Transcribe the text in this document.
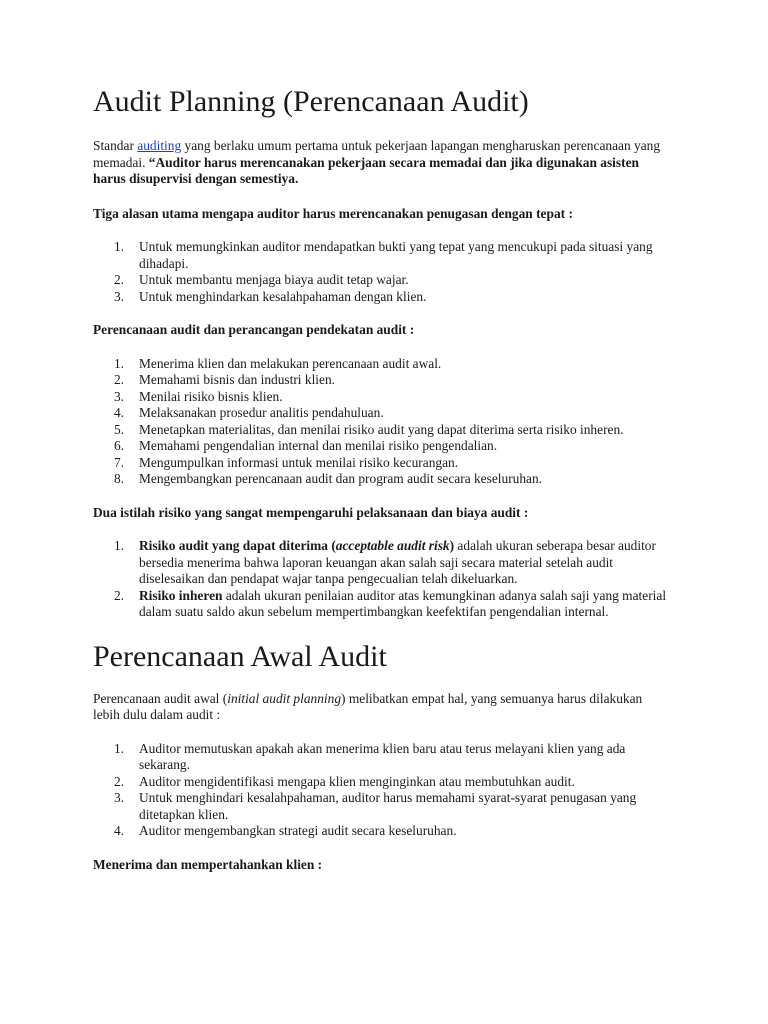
Audit Planning (Perencanaan Audit)

Standar auditing yang berlaku umum pertama untuk pekerjaan lapangan mengharuskan perencanaan yang memadai. “Auditor harus merencanakan pekerjaan secara memadai dan jika digunakan asisten harus disupervisi dengan semestiya.

Tiga alasan utama mengapa auditor harus merencanakan penugasan dengan tepat :

1. Untuk memungkinkan auditor mendapatkan bukti yang tepat yang mencukupi pada situasi yang dihadapi.
2. Untuk membantu menjaga biaya audit tetap wajar.
3. Untuk menghindarkan kesalahpahaman dengan klien.

Perencanaan audit dan perancangan pendekatan audit :

1. Menerima klien dan melakukan perencanaan audit awal.
2. Memahami bisnis dan industri klien.
3. Menilai risiko bisnis klien.
4. Melaksanakan prosedur analitis pendahuluan.
5. Menetapkan materialitas, dan menilai risiko audit yang dapat diterima serta risiko inheren.
6. Memahami pengendalian internal dan menilai risiko pengendalian.
7. Mengumpulkan informasi untuk menilai risiko kecurangan.
8. Mengembangkan perencanaan audit dan program audit secara keseluruhan.

Dua istilah risiko yang sangat mempengaruhi pelaksanaan dan biaya audit :

1. Risiko audit yang dapat diterima (acceptable audit risk) adalah ukuran seberapa besar auditor bersedia menerima bahwa laporan keuangan akan salah saji secara material setelah audit diselesaikan dan pendapat wajar tanpa pengecualian telah dikeluarkan.
2. Risiko inheren adalah ukuran penilaian auditor atas kemungkinan adanya salah saji yang material dalam suatu saldo akun sebelum mempertimbangkan keefektifan pengendalian internal.
Perencanaan Awal Audit

Perencanaan audit awal (initial audit planning) melibatkan empat hal, yang semuanya harus dilakukan lebih dulu dalam audit :

1. Auditor memutuskan apakah akan menerima klien baru atau terus melayani klien yang ada sekarang.
2. Auditor mengidentifikasi mengapa klien menginginkan atau membutuhkan audit.
3. Untuk menghindari kesalahpahaman, auditor harus memahami syarat-syarat penugasan yang ditetapkan klien.
4. Auditor mengembangkan strategi audit secara keseluruhan.

Menerima dan mempertahankan klien :
